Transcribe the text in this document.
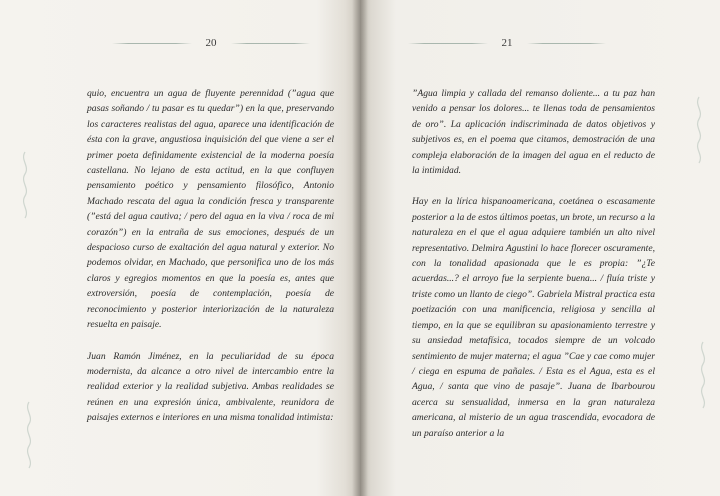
20

quio, encuentra un agua de fluyente perennidad (”agua que pasas soñando / tu pasar es tu quedar”) en la que, preservando los caracteres realistas del agua, aparece una identificación de ésta con la grave, angustiosa inquisición del que viene a ser el primer poeta definidamente existencial de la moderna poesía castellana. No lejano de esta actitud, en la que confluyen pensamiento poético y pensamiento filosófico, Antonio Machado rescata del agua la condición fresca y transparente (”está del agua cautiva; / pero del agua en la viva / roca de mi corazón”) en la entraña de sus emociones, después de un despacioso curso de exaltación del agua natural y exterior. No podemos olvidar, en Machado, que personifica uno de los más claros y egregios momentos en que la poesía es, antes que extroversión, poesía de contemplación, poesía de reconocimiento y posterior interiorización de la naturaleza resuelta en paisaje.

Juan Ramón Jiménez, en la peculiaridad de su época modernista, da alcance a otro nivel de intercambio entre la realidad exterior y la realidad subjetiva. Ambas realidades se reúnen en una expresión única, ambivalente, reunidora de paisajes externos e interiores en una misma tonalidad intimista:

21

”Agua limpia y callada del remanso doliente... a tu paz han venido a pensar los dolores... te llenas toda de pensamientos de oro”. La aplicación indiscriminada de datos objetivos y subjetivos es, en el poema que citamos, demostración de una compleja elaboración de la imagen del agua en el reducto de la intimidad.

Hay en la lírica hispanoamericana, coetánea o escasamente posterior a la de estos últimos poetas, un brote, un recurso a la naturaleza en el que el agua adquiere también un alto nivel representativo. Delmira Agustini lo hace florecer oscuramente, con la tonalidad apasionada que le es propia: ”¿Te acuerdas...? el arroyo fue la serpiente buena... / fluía triste y triste como un llanto de ciego”. Gabriela Mistral practica esta poetización con una manificencia, religiosa y sencilla al tiempo, en la que se equilibran su apasionamiento terrestre y su ansiedad metafísica, tocados siempre de un volcado sentimiento de mujer materna; el agua ”Cae y cae como mujer / ciega en espuma de pañales. / Esta es el Agua, esta es el Agua, / santa que vino de pasaje”. Juana de Ibarbourou acerca su sensualidad, inmersa en la gran naturaleza americana, al misterio de un agua trascendida, evocadora de un paraíso anterior a la
